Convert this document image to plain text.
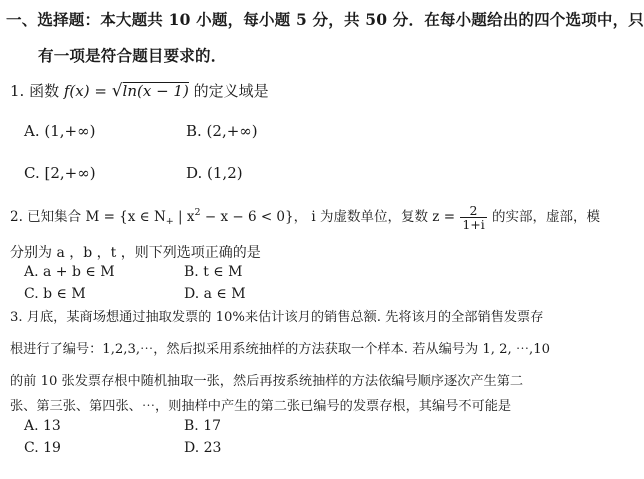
一、选择题：本大题共 10 小题，每小题 5 分，共 50 分．在每小题给出的四个选项中，只
有一项是符合题目要求的．
1. 函数 f(x) = √ln(x − 1) 的定义域是
A. (1,+∞)	B. (2,+∞)
C. [2,+∞)	D. (1,2)
2. 已知集合 M = {x ∈ $N_+$ | $x^2 - x - 6 < 0$}， i 为虚数单位，复数 $z = \frac{2}{1+i}$ 的实部，虚部，模
分别为 a ，b ，t ，则下列选项正确的是
A. a + b ∈ M	B. t ∈ M
C. b ∈ M	D. a ∈ M
3. 月底，某商场想通过抽取发票的 10%来估计该月的销售总额. 先将该月的全部销售发票存
根进行了编号：1,2,3,⋯，然后拟采用系统抽样的方法获取一个样本. 若从编号为 1, 2, ⋯,10
的前 10 张发票存根中随机抽取一张，然后再按系统抽样的方法依编号顺序逐次产生第二
张、第三张、第四张、⋯，则抽样中产生的第二张已编号的发票存根，其编号不可能是
A. 13	B. 17
C. 19	D. 23
